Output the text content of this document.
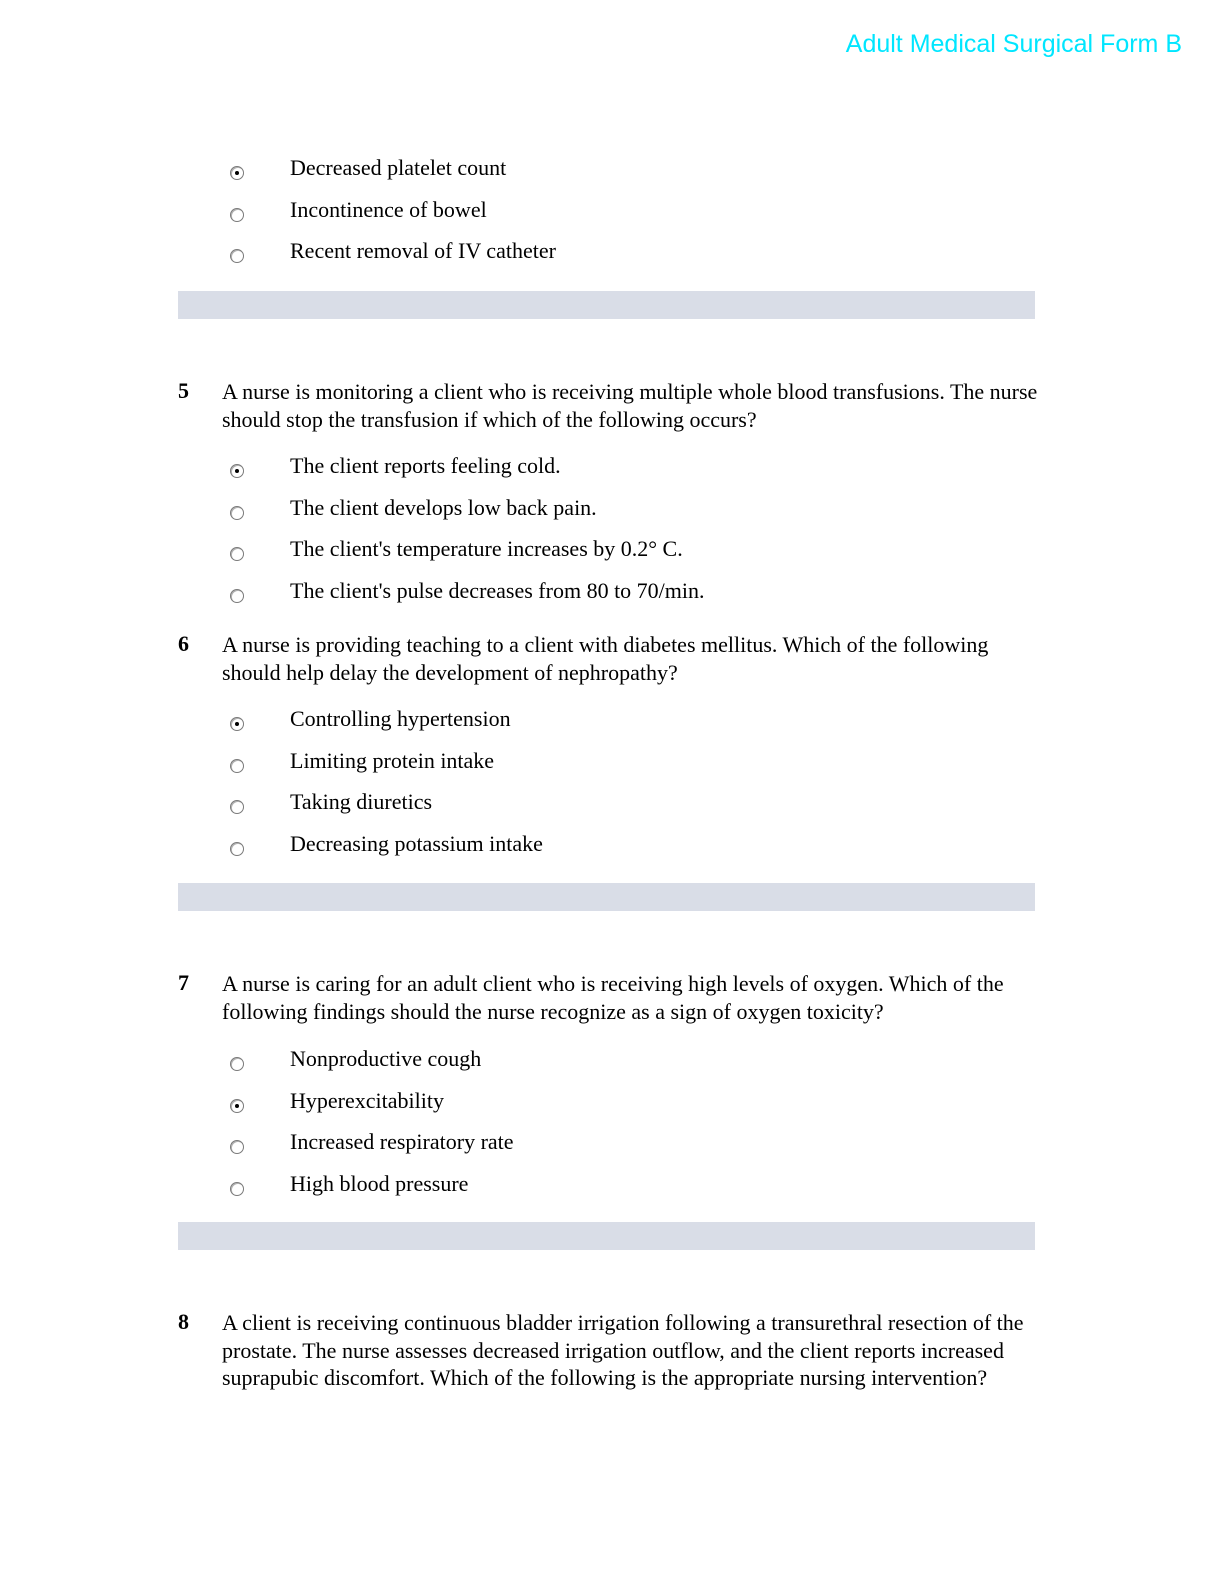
Adult Medical Surgical Form B
Decreased platelet count
Incontinence of bowel
Recent removal of IV catheter
5 A nurse is monitoring a client who is receiving multiple whole blood transfusions. The nurse should stop the transfusion if which of the following occurs?
The client reports feeling cold.
The client develops low back pain.
The client's temperature increases by 0.2° C.
The client's pulse decreases from 80 to 70/min.
6 A nurse is providing teaching to a client with diabetes mellitus. Which of the following should help delay the development of nephropathy?
Controlling hypertension
Limiting protein intake
Taking diuretics
Decreasing potassium intake
7 A nurse is caring for an adult client who is receiving high levels of oxygen. Which of the following findings should the nurse recognize as a sign of oxygen toxicity?
Nonproductive cough
Hyperexcitability
Increased respiratory rate
High blood pressure
8 A client is receiving continuous bladder irrigation following a transurethral resection of the prostate. The nurse assesses decreased irrigation outflow, and the client reports increased suprapubic discomfort. Which of the following is the appropriate nursing intervention?
